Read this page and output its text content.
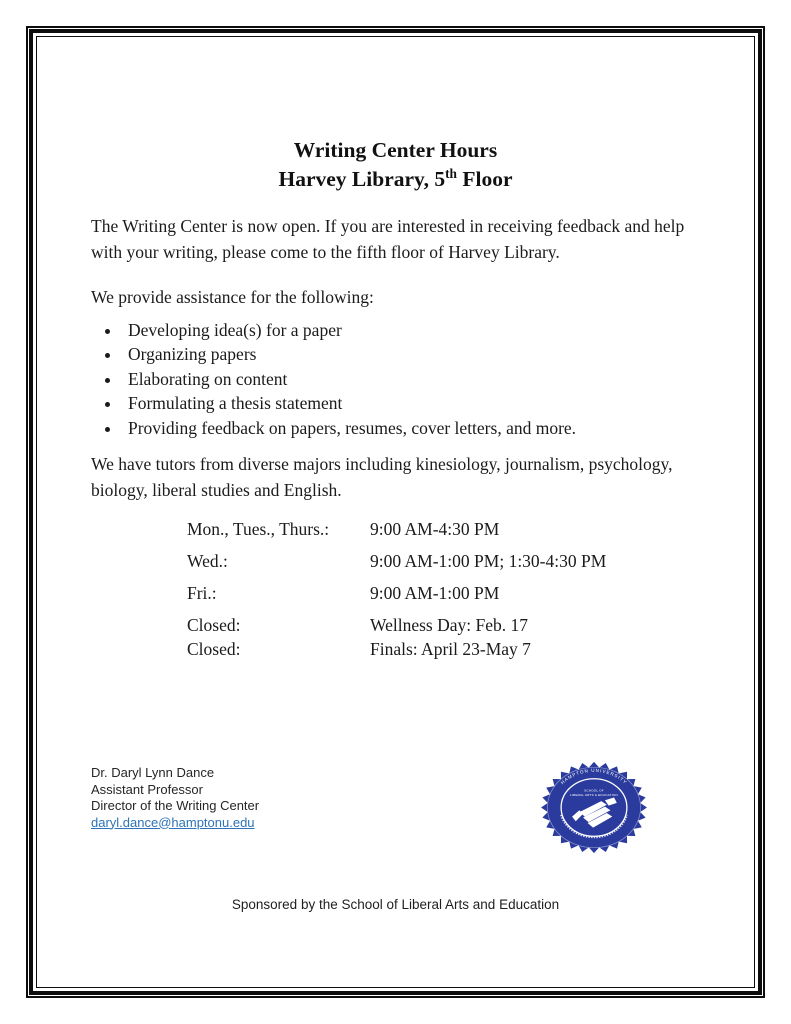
Writing Center Hours
Harvey Library, 5th Floor

The Writing Center is now open. If you are interested in receiving feedback and help with your writing, please come to the fifth floor of Harvey Library.

We provide assistance for the following:

• Developing idea(s) for a paper
• Organizing papers
• Elaborating on content
• Formulating a thesis statement
• Providing feedback on papers, resumes, cover letters, and more.

We have tutors from diverse majors including kinesiology, journalism, psychology, biology, liberal studies and English.

Mon., Tues., Thurs.:	9:00 AM-4:30 PM
Wed.:	9:00 AM-1:00 PM; 1:30-4:30 PM
Fri.:	9:00 AM-1:00 PM
Closed:	Wellness Day: Feb. 17
Closed:	Finals: April 23-May 7
Dr. Daryl Lynn Dance
Assistant Professor
Director of the Writing Center
daryl.dance@hamptonu.edu
Sponsored by the School of Liberal Arts and Education
HAMPTON UNIVERSITY
SCHOOL OF
LIBERAL ARTS & EDUCATION
